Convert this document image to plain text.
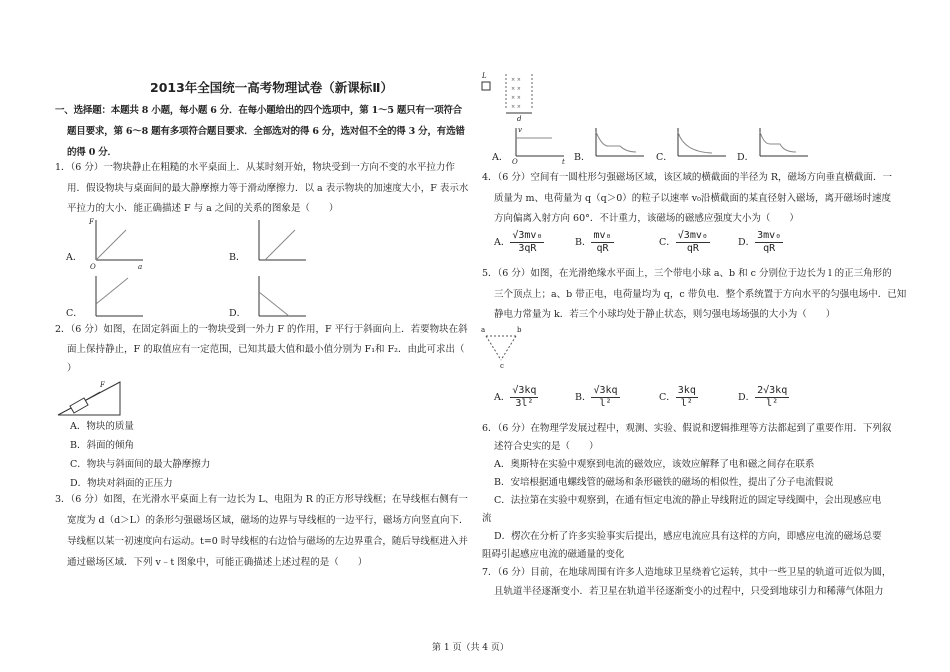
2013年全国统一高考物理试卷（新课标Ⅱ）
一、选择题：本题共 8 小题，每小题 6 分．在每小题给出的四个选项中，第 1～5 题只有一项符合
题目要求，第 6～8 题有多项符合题目要求．全部选对的得 6 分，选对但不全的得 3 分，有选错
的得 0 分．
1．（6 分）一物块静止在粗糙的水平桌面上．从某时刻开始，物块受到一方向不变的水平拉力作
用．假设物块与桌面间的最大静摩擦力等于滑动摩擦力．以 a 表示物块的加速度大小，F 表示水
平拉力的大小．能正确描述 F 与 a 之间的关系的图象是（　　）
A．	B．
C．	D．
F
a
O
2．（6 分）如图，在固定斜面上的一物块受到一外力 F 的作用，F 平行于斜面向上．若要物块在斜
面上保持静止，F 的取值应有一定范围，已知其最大值和最小值分别为 F₁和 F₂．由此可求出（
）
F
A．物块的质量
B．斜面的倾角
C．物块与斜面间的最大静摩擦力
D．物块对斜面的正压力
3．（6 分）如图，在光滑水平桌面上有一边长为 L、电阻为 R 的正方形导线框；在导线框右侧有一
宽度为 d（d＞L）的条形匀强磁场区域，磁场的边界与导线框的一边平行，磁场方向竖直向下．
导线框以某一初速度向右运动。t=0 时导线框的右边恰与磁场的左边界重合，随后导线框进入并
通过磁场区域．下列 v﹣t 图象中，可能正确描述上述过程的是（　　）
× ×
× ×
× ×
× ×
L
d
v
t
O
A．	B．	C．	D．
4．（6 分）空间有一圆柱形匀强磁场区域，该区域的横截面的半径为 R，磁场方向垂直横截面．一
质量为 m、电荷量为 q（q＞0）的粒子以速率 v₀沿横截面的某直径射入磁场，离开磁场时速度
方向偏离入射方向 60°．不计重力，该磁场的磁感应强度大小为（　　）
A． $\frac{\text{√3mv₀}}{3qR}$	B． $\frac{\text{mv₀}}{qR}$	C． $\frac{\text{√3mv₀}}{qR}$	D． $\frac{\text{3mv₀}}{qR}$
5．（6 分）如图，在光滑绝缘水平面上，三个带电小球 a、b 和 c 分别位于边长为 l 的正三角形的
三个顶点上；a、b 带正电，电荷量均为 q，c 带负电．整个系统置于方向水平的匀强电场中．已知
静电力常量为 k．若三个小球均处于静止状态，则匀强电场场强的大小为（　　）
a	b
c
A． $\frac{√3kq}{\text{3l²}}$	B． $\frac{√3kq}{\text{l²}}$	C． $\frac{3kq}{\text{l²}}$	D． $\frac{2√3kq}{\text{l²}}$
6．（6 分）在物理学发展过程中，观测、实验、假说和逻辑推理等方法都起到了重要作用．下列叙
述符合史实的是（　　）
A．奥斯特在实验中观察到电流的磁效应，该效应解释了电和磁之间存在联系
B．安培根据通电螺线管的磁场和条形磁铁的磁场的相似性，提出了分子电流假说
C．法拉第在实验中观察到，在通有恒定电流的静止导线附近的固定导线圈中，会出现感应电
流
D．楞次在分析了许多实验事实后提出，感应电流应具有这样的方向，即感应电流的磁场总要
阻碍引起感应电流的磁通量的变化
7．（6 分）目前，在地球周围有许多人造地球卫星绕着它运转，其中一些卫星的轨道可近似为圆，
且轨道半径逐渐变小．若卫星在轨道半径逐渐变小的过程中，只受到地球引力和稀薄气体阻力
第 1 页（共 4 页）
